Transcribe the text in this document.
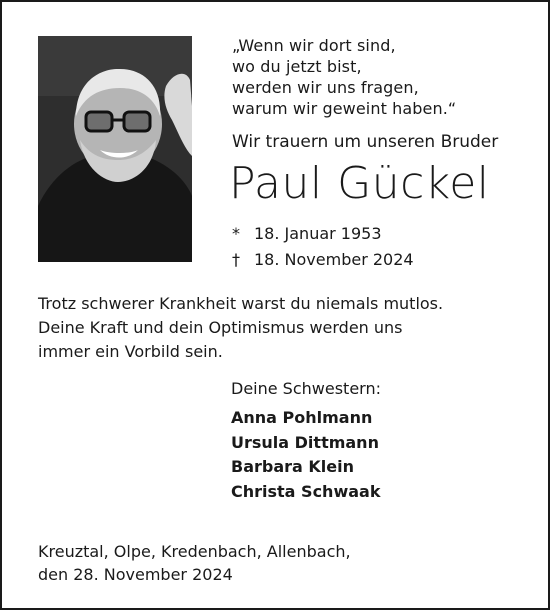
„Wenn wir dort sind,
wo du jetzt bist,
werden wir uns fragen,
warum wir geweint haben.“
Wir trauern um unseren Bruder
Paul Gückel
* 18. Januar 1953
† 18. November 2024
Trotz schwerer Krankheit warst du niemals mutlos.
Deine Kraft und dein Optimismus werden uns
immer ein Vorbild sein.
Deine Schwestern:
Anna Pohlmann
Ursula Dittmann
Barbara Klein
Christa Schwaak
Kreuztal, Olpe, Kredenbach, Allenbach,
den 28. November 2024
